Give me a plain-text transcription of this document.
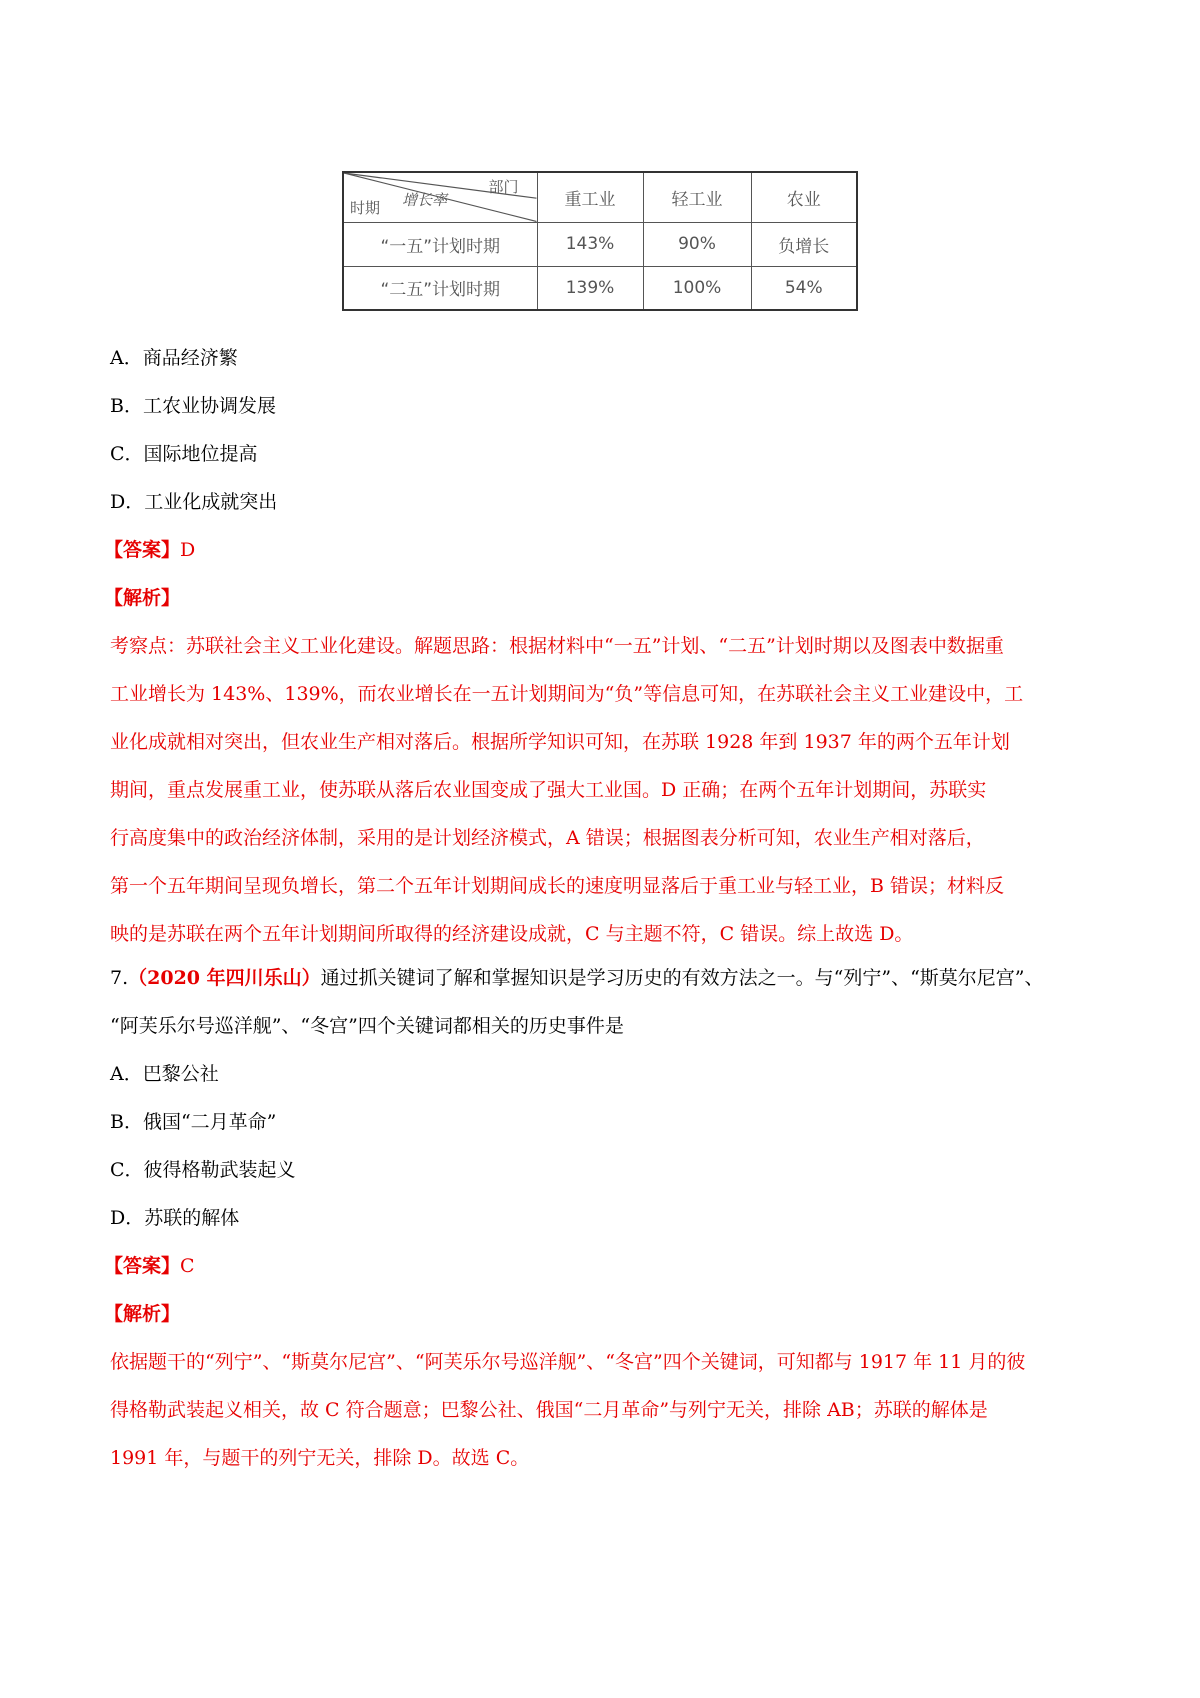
部门
增长率
时期	重工业	轻工业	农业
“一五”计划时期	143%	90%	负增长
“二五”计划时期	139%	100%	54%
A．商品经济繁
B．工农业协调发展
C．国际地位提高
D．工业化成就突出
【答案】D
【解析】
考察点：苏联社会主义工业化建设。解题思路：根据材料中“一五”计划、“二五”计划时期以及图表中数据重
工业增长为 143%、139%，而农业增长在一五计划期间为“负”等信息可知，在苏联社会主义工业建设中，工
业化成就相对突出，但农业生产相对落后。根据所学知识可知，在苏联 1928 年到 1937 年的两个五年计划
期间，重点发展重工业，使苏联从落后农业国变成了强大工业国。D 正确；在两个五年计划期间，苏联实
行高度集中的政治经济体制，采用的是计划经济模式，A 错误；根据图表分析可知，农业生产相对落后，
第一个五年期间呈现负增长，第二个五年计划期间成长的速度明显落后于重工业与轻工业，B 错误；材料反
映的是苏联在两个五年计划期间所取得的经济建设成就，C 与主题不符，C 错误。综上故选 D。
7.（2020 年四川乐山）通过抓关键词了解和掌握知识是学习历史的有效方法之一。与“列宁”、“斯莫尔尼宫”、
“阿芙乐尔号巡洋舰”、“冬宫”四个关键词都相关的历史事件是
A．巴黎公社
B．俄国“二月革命”
C．彼得格勒武装起义
D．苏联的解体
【答案】C
【解析】
依据题干的“列宁”、“斯莫尔尼宫”、“阿芙乐尔号巡洋舰”、“冬宫”四个关键词，可知都与 1917 年 11 月的彼
得格勒武装起义相关，故 C 符合题意；巴黎公社、俄国“二月革命”与列宁无关，排除 AB；苏联的解体是
1991 年，与题干的列宁无关，排除 D。故选 C。
